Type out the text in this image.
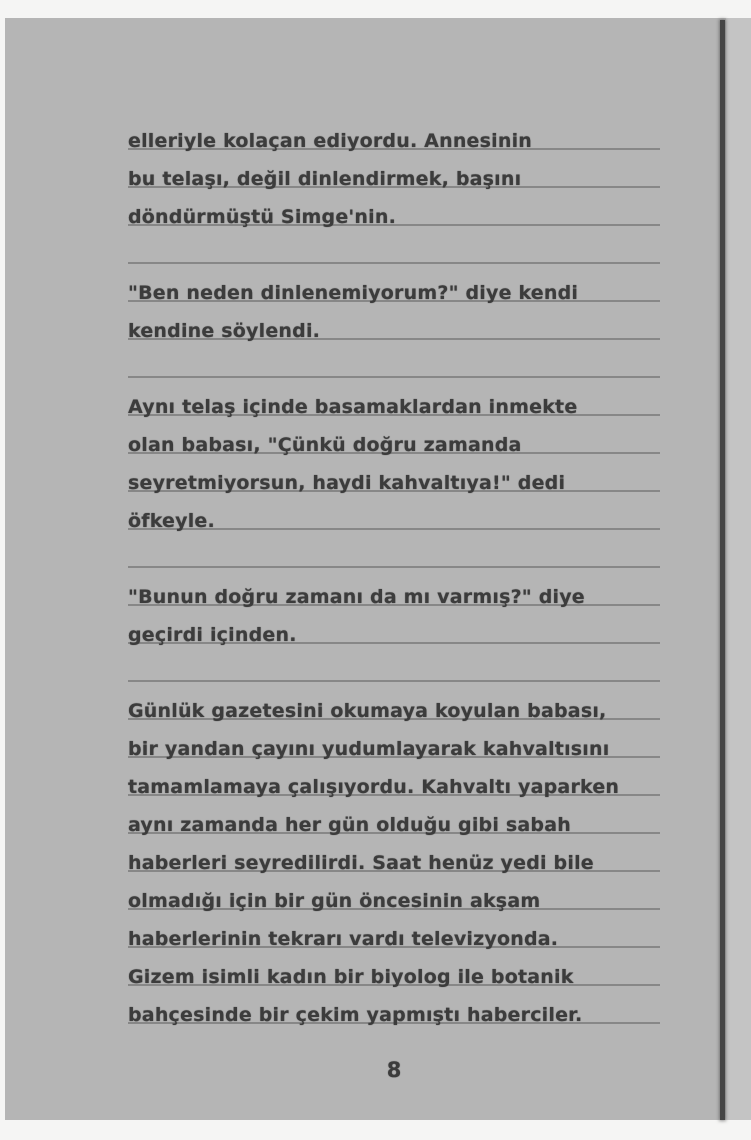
elleriyle kolaçan ediyordu. Annesinin
bu telaşı, değil dinlendirmek, başını
döndürmüştü Simge'nin.
"Ben neden dinlenemiyorum?" diye kendi
kendine söylendi.
Aynı telaş içinde basamaklardan inmekte
olan babası, "Çünkü doğru zamanda
seyretmiyorsun, haydi kahvaltıya!" dedi
öfkeyle.
"Bunun doğru zamanı da mı varmış?" diye
geçirdi içinden.
Günlük gazetesini okumaya koyulan babası,
bir yandan çayını yudumlayarak kahvaltısını
tamamlamaya çalışıyordu. Kahvaltı yaparken
aynı zamanda her gün olduğu gibi sabah
haberleri seyredilirdi. Saat henüz yedi bile
olmadığı için bir gün öncesinin akşam
haberlerinin tekrarı vardı televizyonda.
Gizem isimli kadın bir biyolog ile botanik
bahçesinde bir çekim yapmıştı haberciler.
8
